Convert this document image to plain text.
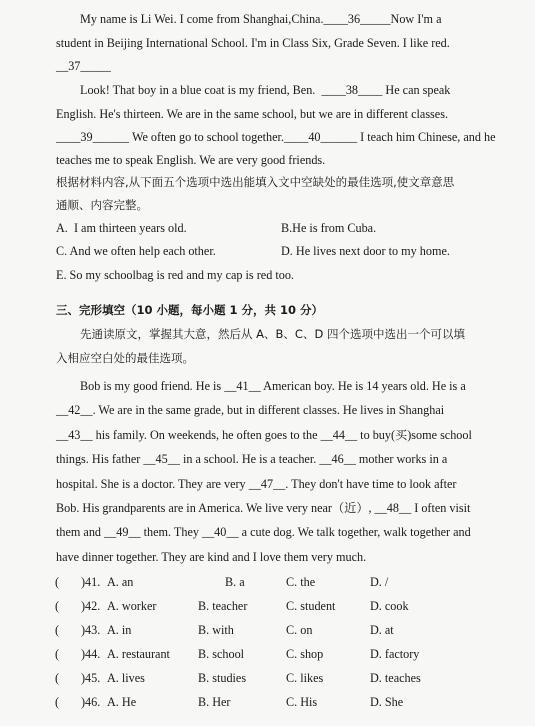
My name is Li Wei. I come from Shanghai,China.____36_____Now I'm a
student in Beijing International School. I'm in Class Six, Grade Seven. I like red.
__37_____
Look! That boy in a blue coat is my friend, Ben.  ____38____ He can speak
English. He's thirteen. We are in the same school, but we are in different classes.
____39______ We often go to school together.____40______ I teach him Chinese, and he
teaches me to speak English. We are very good friends.
根据材料内容,从下面五个选项中选出能填入文中空缺处的最佳选项,使文章意思
通顺、内容完整。
A.  I am thirteen years old.	B.He is from Cuba.
C. And we often help each other.	D. He lives next door to my home.
E. So my schoolbag is red and my cap is red too.
三、完形填空（10 小题，每小题 1 分，共 10 分）
先通读原文，掌握其大意，然后从 A、B、C、D 四个选项中选出一个可以填
入相应空白处的最佳选项。
Bob is my good friend. He is __41__ American boy. He is 14 years old. He is a __42__. We are in the same grade, but in different classes. He lives in Shanghai __43__ his family. On weekends, he often goes to the __44__ to buy(买)some school things. His father __45__ in a school. He is a teacher. __46__ mother works in a hospital. She is a doctor. They are very __47__. They don't have time to look after Bob. His grandparents are in America. We live very near（近）, __48__ I often visit them and __49__ them. They __40__ a cute dog. We talk together, walk together and have dinner together. They are kind and I love them very much.
( )41. A. an	B. a	C. the	D. /
( )42. A. worker	B. teacher	C. student	D. cook
( )43. A. in	B. with	C. on	D. at
( )44. A. restaurant B. school	C. shop	D. factory
( )45. A. lives	B. studies	C. likes	D. teaches
( )46. A. He	B. Her	C. His	D. She
